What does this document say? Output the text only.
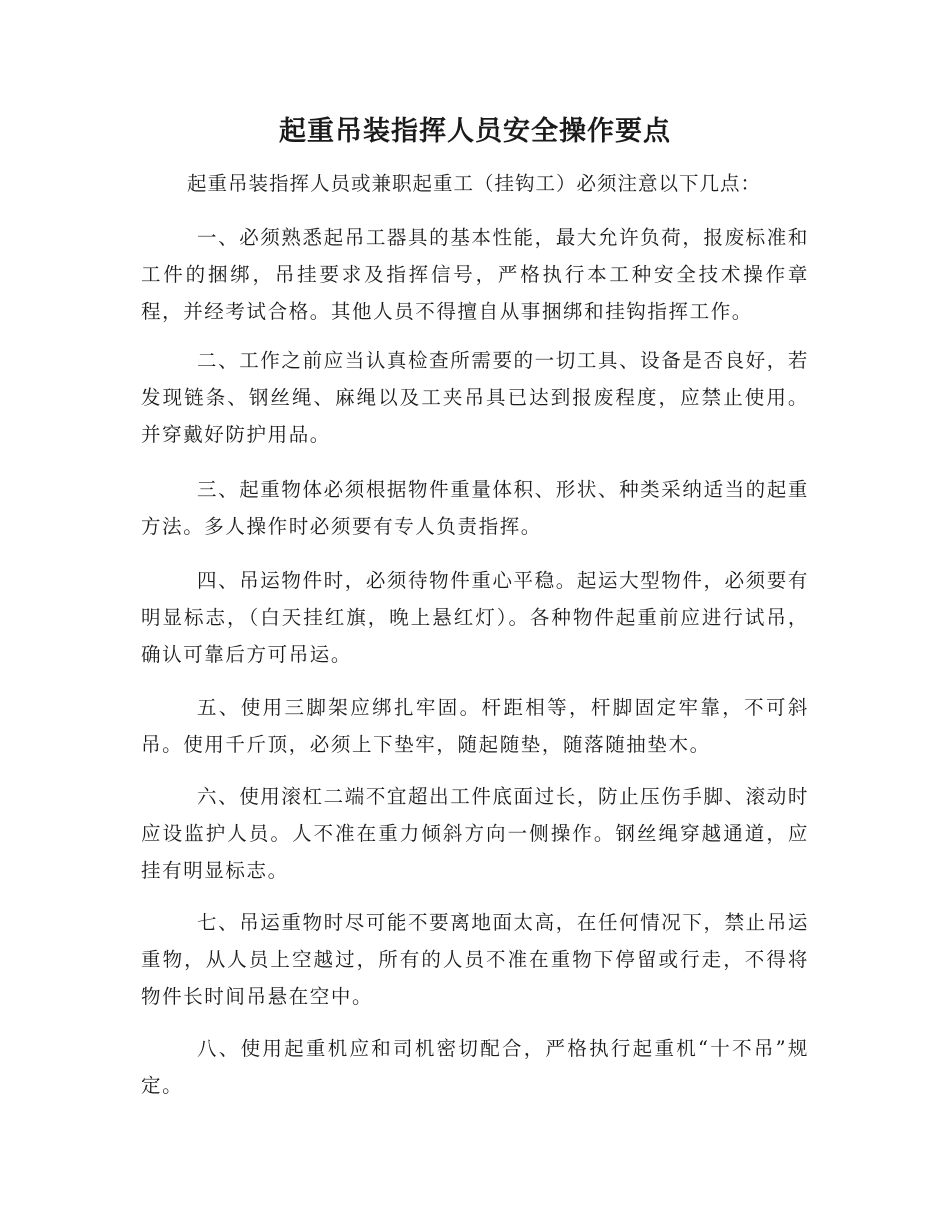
起重吊装指挥人员安全操作要点

起重吊装指挥人员或兼职起重工（挂钩工）必须注意以下几点：

一、必须熟悉起吊工器具的基本性能，最大允许负荷，报废标准和工件的捆绑，吊挂要求及指挥信号，严格执行本工种安全技术操作章程，并经考试合格。其他人员不得擅自从事捆绑和挂钩指挥工作。

二、工作之前应当认真检查所需要的一切工具、设备是否良好，若发现链条、钢丝绳、麻绳以及工夹吊具已达到报废程度，应禁止使用。并穿戴好防护用品。

三、起重物体必须根据物件重量体积、形状、种类采纳适当的起重方法。多人操作时必须要有专人负责指挥。

四、吊运物件时，必须待物件重心平稳。起运大型物件，必须要有明显标志，（白天挂红旗，晚上悬红灯）。各种物件起重前应进行试吊，确认可靠后方可吊运。

五、使用三脚架应绑扎牢固。杆距相等，杆脚固定牢靠，不可斜吊。使用千斤顶，必须上下垫牢，随起随垫，随落随抽垫木。

六、使用滚杠二端不宜超出工件底面过长，防止压伤手脚、滚动时应设监护人员。人不准在重力倾斜方向一侧操作。钢丝绳穿越通道，应挂有明显标志。

七、吊运重物时尽可能不要离地面太高，在任何情况下，禁止吊运重物，从人员上空越过，所有的人员不准在重物下停留或行走，不得将物件长时间吊悬在空中。

八、使用起重机应和司机密切配合，严格执行起重机“十不吊”规定。
